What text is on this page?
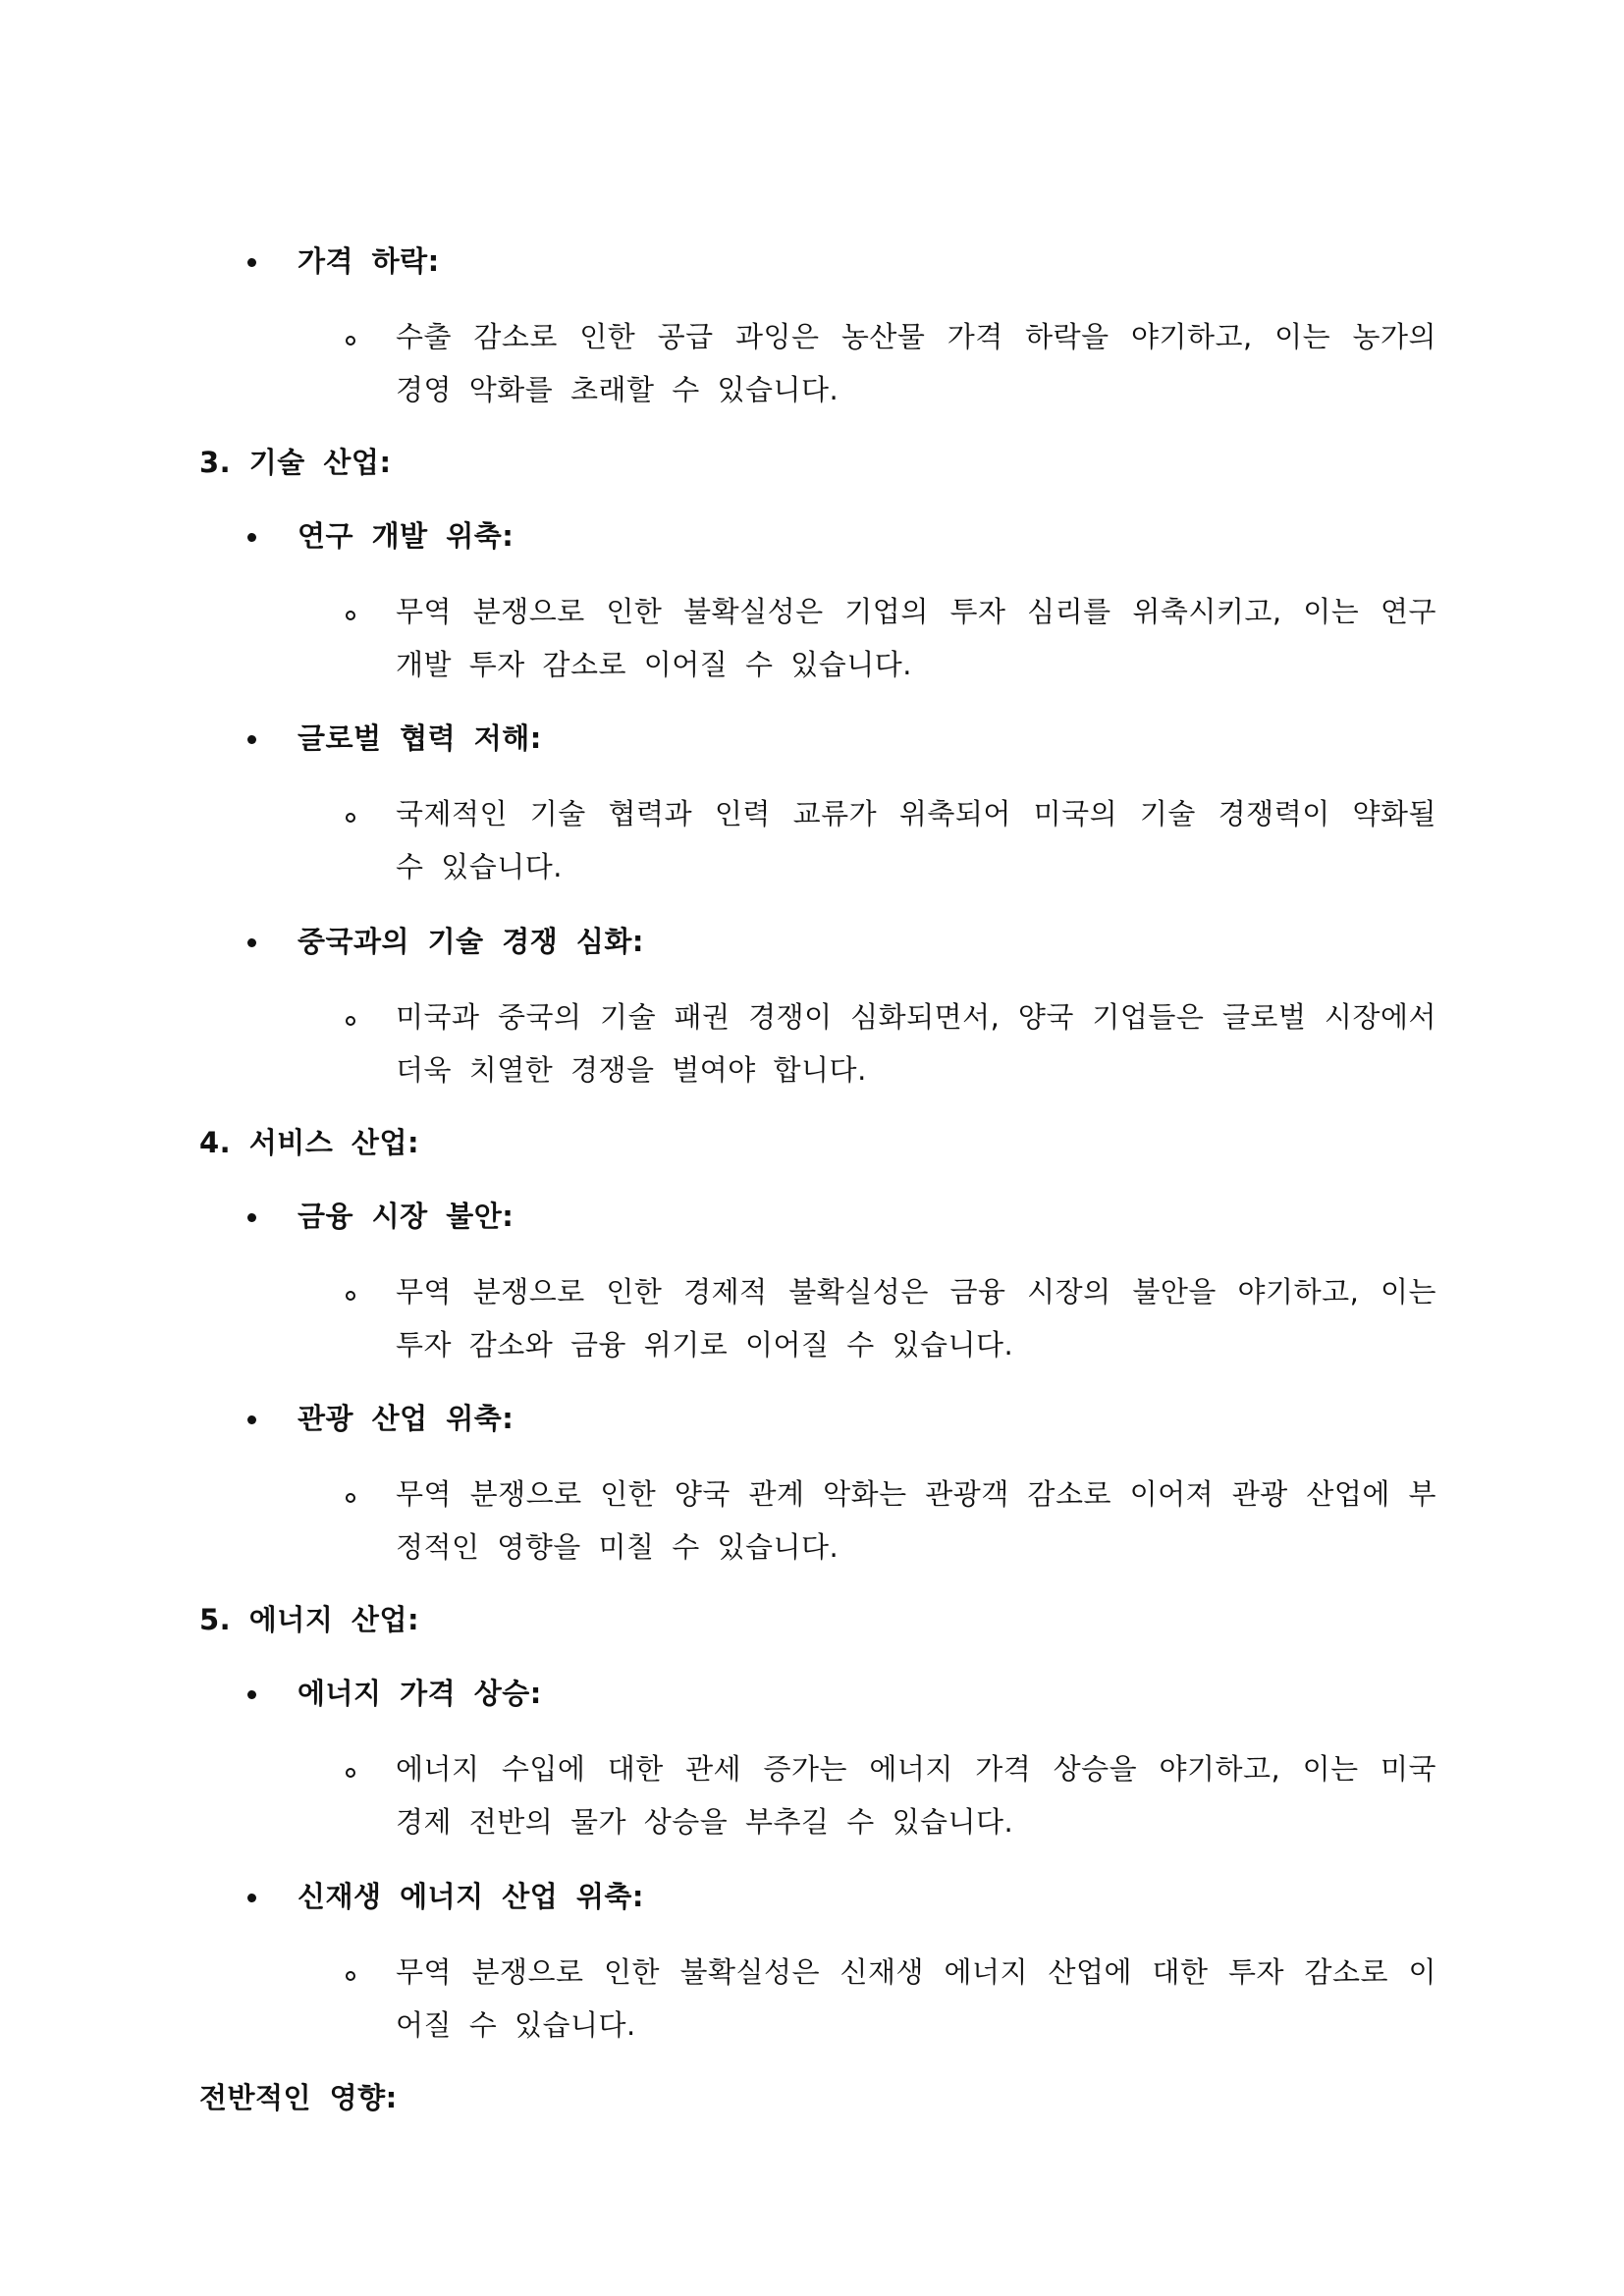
가격 하락:
수출 감소로 인한 공급 과잉은 농산물 가격 하락을 야기하고, 이는 농가의 경영 악화를 초래할 수 있습니다.
3. 기술 산업:
연구 개발 위축:
무역 분쟁으로 인한 불확실성은 기업의 투자 심리를 위축시키고, 이는 연구 개발 투자 감소로 이어질 수 있습니다.
글로벌 협력 저해:
국제적인 기술 협력과 인력 교류가 위축되어 미국의 기술 경쟁력이 약화될 수 있습니다.
중국과의 기술 경쟁 심화:
미국과 중국의 기술 패권 경쟁이 심화되면서, 양국 기업들은 글로벌 시장에서 더욱 치열한 경쟁을 벌여야 합니다.
4. 서비스 산업:
금융 시장 불안:
무역 분쟁으로 인한 경제적 불확실성은 금융 시장의 불안을 야기하고, 이는 투자 감소와 금융 위기로 이어질 수 있습니다.
관광 산업 위축:
무역 분쟁으로 인한 양국 관계 악화는 관광객 감소로 이어져 관광 산업에 부정적인 영향을 미칠 수 있습니다.
5. 에너지 산업:
에너지 가격 상승:
에너지 수입에 대한 관세 증가는 에너지 가격 상승을 야기하고, 이는 미국 경제 전반의 물가 상승을 부추길 수 있습니다.
신재생 에너지 산업 위축:
무역 분쟁으로 인한 불확실성은 신재생 에너지 산업에 대한 투자 감소로 이어질 수 있습니다.
전반적인 영향:
